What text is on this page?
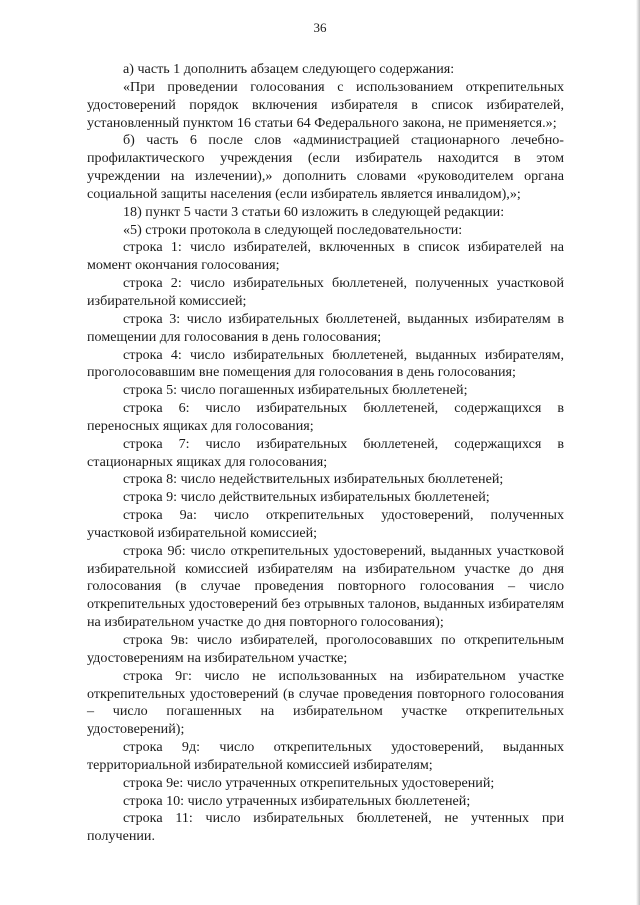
36

а) часть 1 дополнить абзацем следующего содержания:

«При проведении голосования с использованием открепительных удостоверений порядок включения избирателя в список избирателей, установленный пунктом 16 статьи 64 Федерального закона, не применяется.»;

б) часть 6 после слов «администрацией стационарного лечебно-профилактического учреждения (если избиратель находится в этом учреждении на излечении),» дополнить словами «руководителем органа социальной защиты населения (если избиратель является инвалидом),»;

18) пункт 5 части 3 статьи 60 изложить в следующей редакции:

«5) строки протокола в следующей последовательности:

строка 1: число избирателей, включенных в список избирателей на момент окончания голосования;

строка 2: число избирательных бюллетеней, полученных участковой избирательной комиссией;

строка 3: число избирательных бюллетеней, выданных избирателям в помещении для голосования в день голосования;

строка 4: число избирательных бюллетеней, выданных избирателям, проголосовавшим вне помещения для голосования в день голосования;

строка 5: число погашенных избирательных бюллетеней;

строка 6: число избирательных бюллетеней, содержащихся в переносных ящиках для голосования;

строка 7: число избирательных бюллетеней, содержащихся в стационарных ящиках для голосования;

строка 8: число недействительных избирательных бюллетеней;

строка 9: число действительных избирательных бюллетеней;

строка 9а: число открепительных удостоверений, полученных участковой избирательной комиссией;

строка 9б: число открепительных удостоверений, выданных участковой избирательной комиссией избирателям на избирательном участке до дня голосования (в случае проведения повторного голосования – число открепительных удостоверений без отрывных талонов, выданных избирателям на избирательном участке до дня повторного голосования);

строка 9в: число избирателей, проголосовавших по открепительным удостоверениям на избирательном участке;

строка 9г: число не использованных на избирательном участке открепительных удостоверений (в случае проведения повторного голосования – число погашенных на избирательном участке открепительных удостоверений);

строка 9д: число открепительных удостоверений, выданных территориальной избирательной комиссией избирателям;

строка 9е: число утраченных открепительных удостоверений;

строка 10: число утраченных избирательных бюллетеней;

строка 11: число избирательных бюллетеней, не учтенных при получении.
